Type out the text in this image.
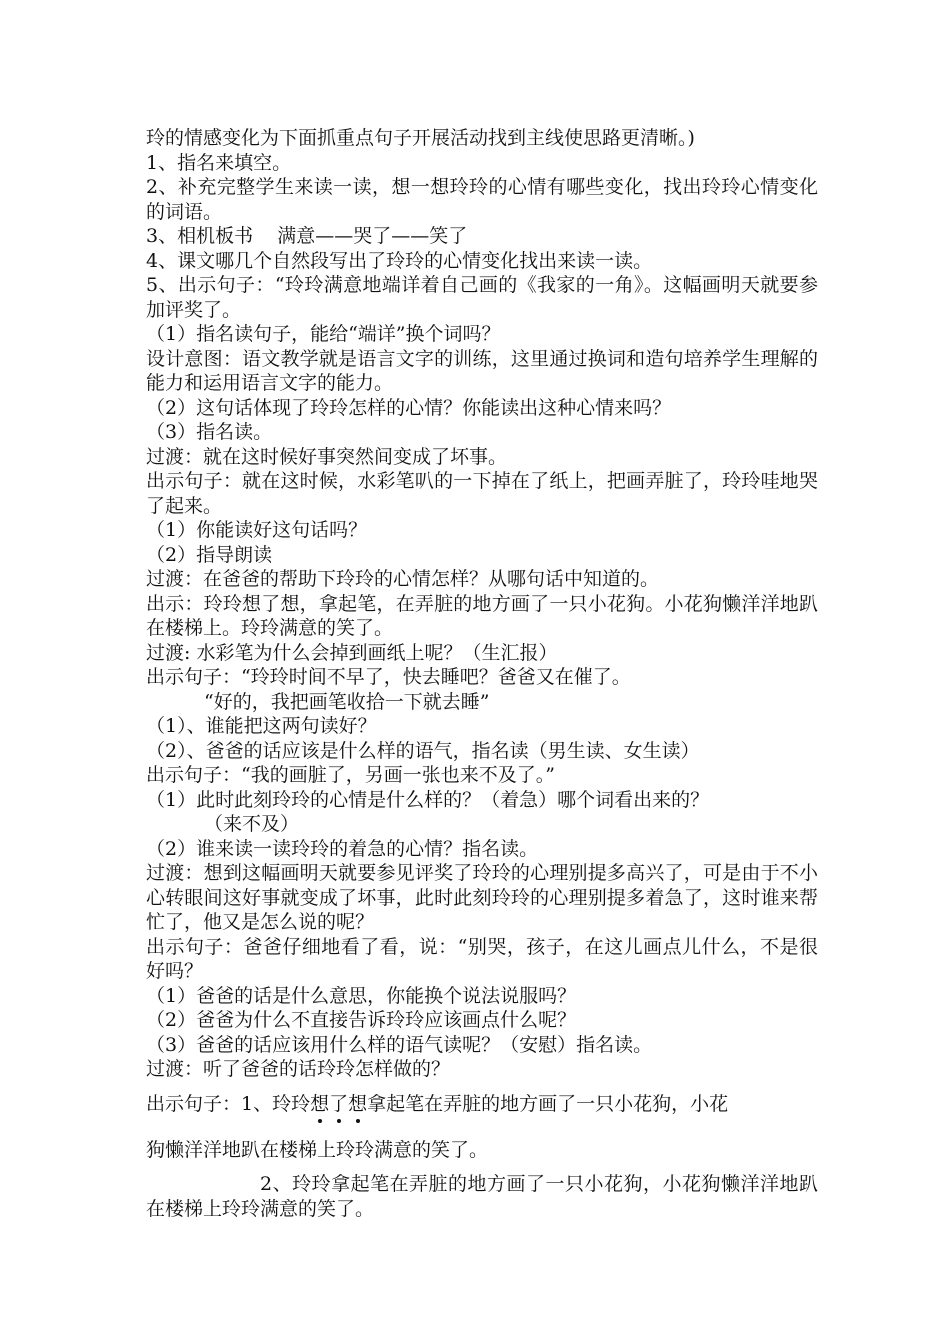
玲的情感变化为下面抓重点句子开展活动找到主线使思路更清晰。)

1、指名来填空。

2、补充完整学生来读一读，想一想玲玲的心情有哪些变化，找出玲玲心情变化的词语。

3、相机板书    满意——哭了——笑了

4、课文哪几个自然段写出了玲玲的心情变化找出来读一读。

5、出示句子：“玲玲满意地端详着自己画的《我家的一角》。这幅画明天就要参加评奖了。

（1）指名读句子，能给“端详”换个词吗？

设计意图：语文教学就是语言文字的训练，这里通过换词和造句培养学生理解的能力和运用语言文字的能力。

（2）这句话体现了玲玲怎样的心情？你能读出这种心情来吗？

（3）指名读。

过渡：就在这时候好事突然间变成了坏事。

出示句子：就在这时候，水彩笔叭的一下掉在了纸上，把画弄脏了，玲玲哇地哭了起来。

（1）你能读好这句话吗？

（2）指导朗读

过渡：在爸爸的帮助下玲玲的心情怎样？从哪句话中知道的。

出示：玲玲想了想，拿起笔，在弄脏的地方画了一只小花狗。小花狗懒洋洋地趴在楼梯上。玲玲满意的笑了。

过渡: 水彩笔为什么会掉到画纸上呢？（生汇报）

出示句子：“玲玲时间不早了，快去睡吧？爸爸又在催了。

“好的，我把画笔收拾一下就去睡”

（1）、谁能把这两句读好？

（2）、爸爸的话应该是什么样的语气，指名读（男生读、女生读）

出示句子：“我的画脏了，另画一张也来不及了。”

（1）此时此刻玲玲的心情是什么样的？（着急）哪个词看出来的？

（来不及）

（2）谁来读一读玲玲的着急的心情？指名读。

过渡：想到这幅画明天就要参见评奖了玲玲的心理别提多高兴了，可是由于不小心转眼间这好事就变成了坏事，此时此刻玲玲的心理别提多着急了，这时谁来帮忙了，他又是怎么说的呢？

出示句子：爸爸仔细地看了看，说：“别哭，孩子，在这儿画点儿什么，不是很好吗？

（1）爸爸的话是什么意思，你能换个说法说服吗？

（2）爸爸为什么不直接告诉玲玲应该画点什么呢？

（3）爸爸的话应该用什么样的语气读呢？（安慰）指名读。

过渡：听了爸爸的话玲玲怎样做的？

出示句子：1、玲玲想了想拿起笔在弄脏的地方画了一只小花狗，小花

狗懒洋洋地趴在楼梯上玲玲满意的笑了。

2、玲玲拿起笔在弄脏的地方画了一只小花狗，小花狗懒洋洋地趴在楼梯上玲玲满意的笑了。
